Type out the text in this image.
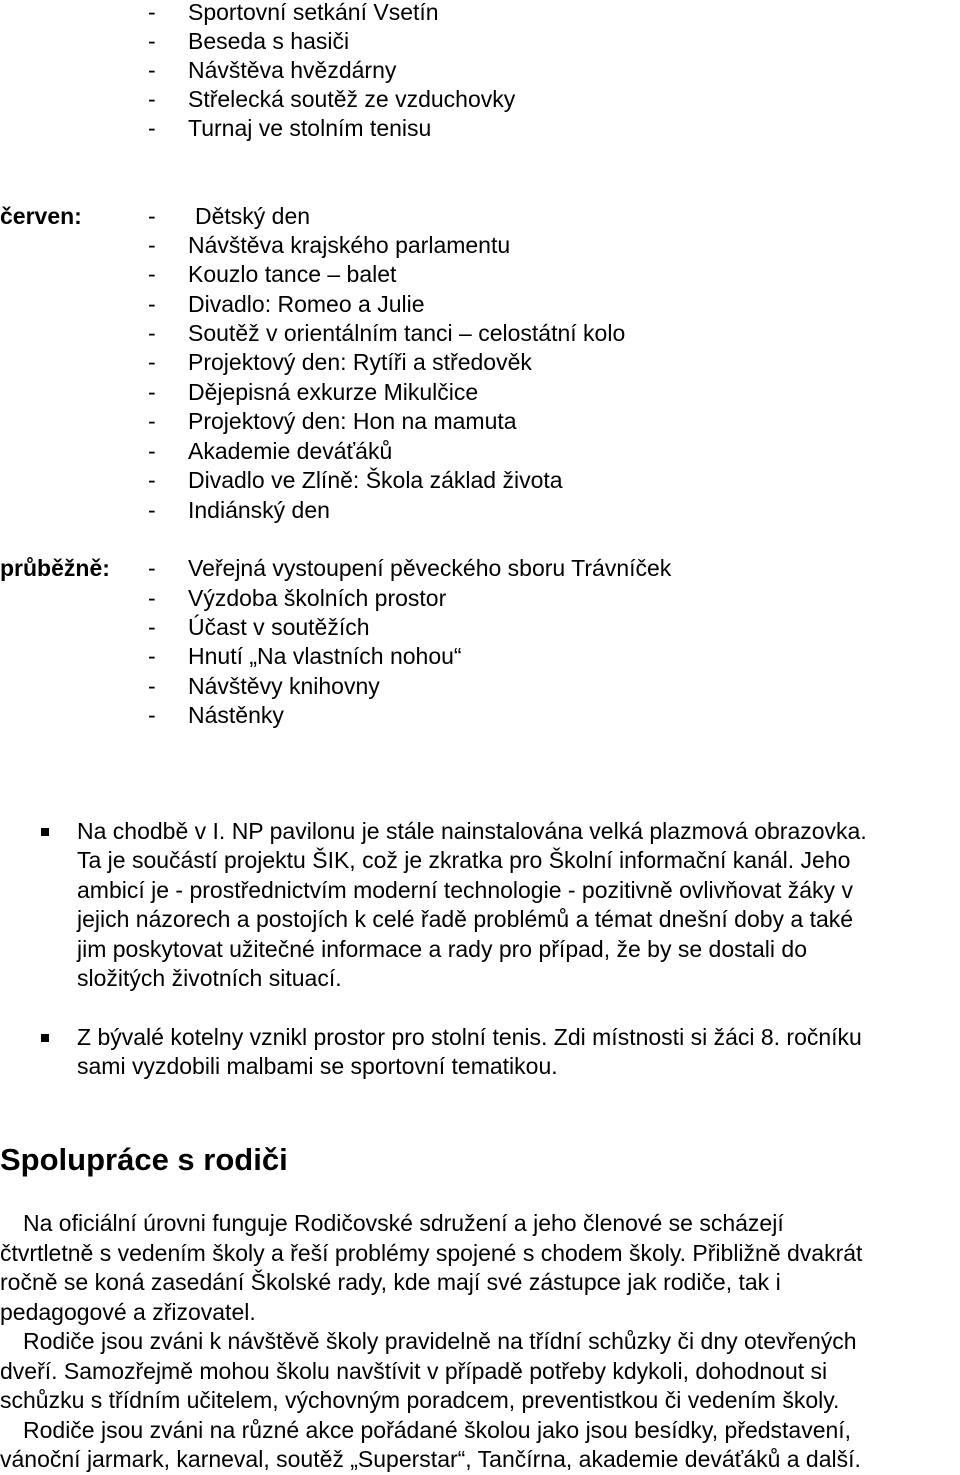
- Sportovní setkání Vsetín
- Beseda s hasiči
- Návštěva hvězdárny
- Střelecká soutěž ze vzduchovky
- Turnaj ve stolním tenisu
červen:	- Dětský den
- Návštěva krajského parlamentu
- Kouzlo tance – balet
- Divadlo: Romeo a Julie
- Soutěž v orientálním tanci – celostátní kolo
- Projektový den: Rytíři a středověk
- Dějepisná exkurze Mikulčice
- Projektový den: Hon na mamuta
- Akademie deváťáků
- Divadlo ve Zlíně: Škola základ života
- Indiánský den
průběžně: - Veřejná vystoupení pěveckého sboru Trávníček
- Výzdoba školních prostor
- Účast v soutěžích
- Hnutí „Na vlastních nohou“
- Návštěvy knihovny
- Nástěnky
Na chodbě v I. NP pavilonu je stále nainstalována velká plazmová obrazovka.
Ta je součástí projektu ŠIK, což je zkratka pro Školní informační kanál. Jeho
ambicí je - prostřednictvím moderní technologie - pozitivně ovlivňovat žáky v
jejich názorech a postojích k celé řadě problémů a témat dnešní doby a také
jim poskytovat užitečné informace a rady pro případ, že by se dostali do
složitých životních situací.
Z bývalé kotelny vznikl prostor pro stolní tenis. Zdi místnosti si žáci 8. ročníku
sami vyzdobili malbami se sportovní tematikou.
Spolupráce s rodiči
Na oficiální úrovni funguje Rodičovské sdružení a jeho členové se scházejí
čtvrtletně s vedením školy a řeší problémy spojené s chodem školy. Přibližně dvakrát
ročně se koná zasedání Školské rady, kde mají své zástupce jak rodiče, tak i
pedagogové a zřizovatel.
Rodiče jsou zváni k návštěvě školy pravidelně na třídní schůzky či dny otevřených
dveří. Samozřejmě mohou školu navštívit v případě potřeby kdykoli, dohodnout si
schůzku s třídním učitelem, výchovným poradcem, preventistkou či vedením školy.
Rodiče jsou zváni na různé akce pořádané školou jako jsou besídky, představení,
vánoční jarmark, karneval, soutěž „Superstar“, Tančírna, akademie deváťáků a další.
